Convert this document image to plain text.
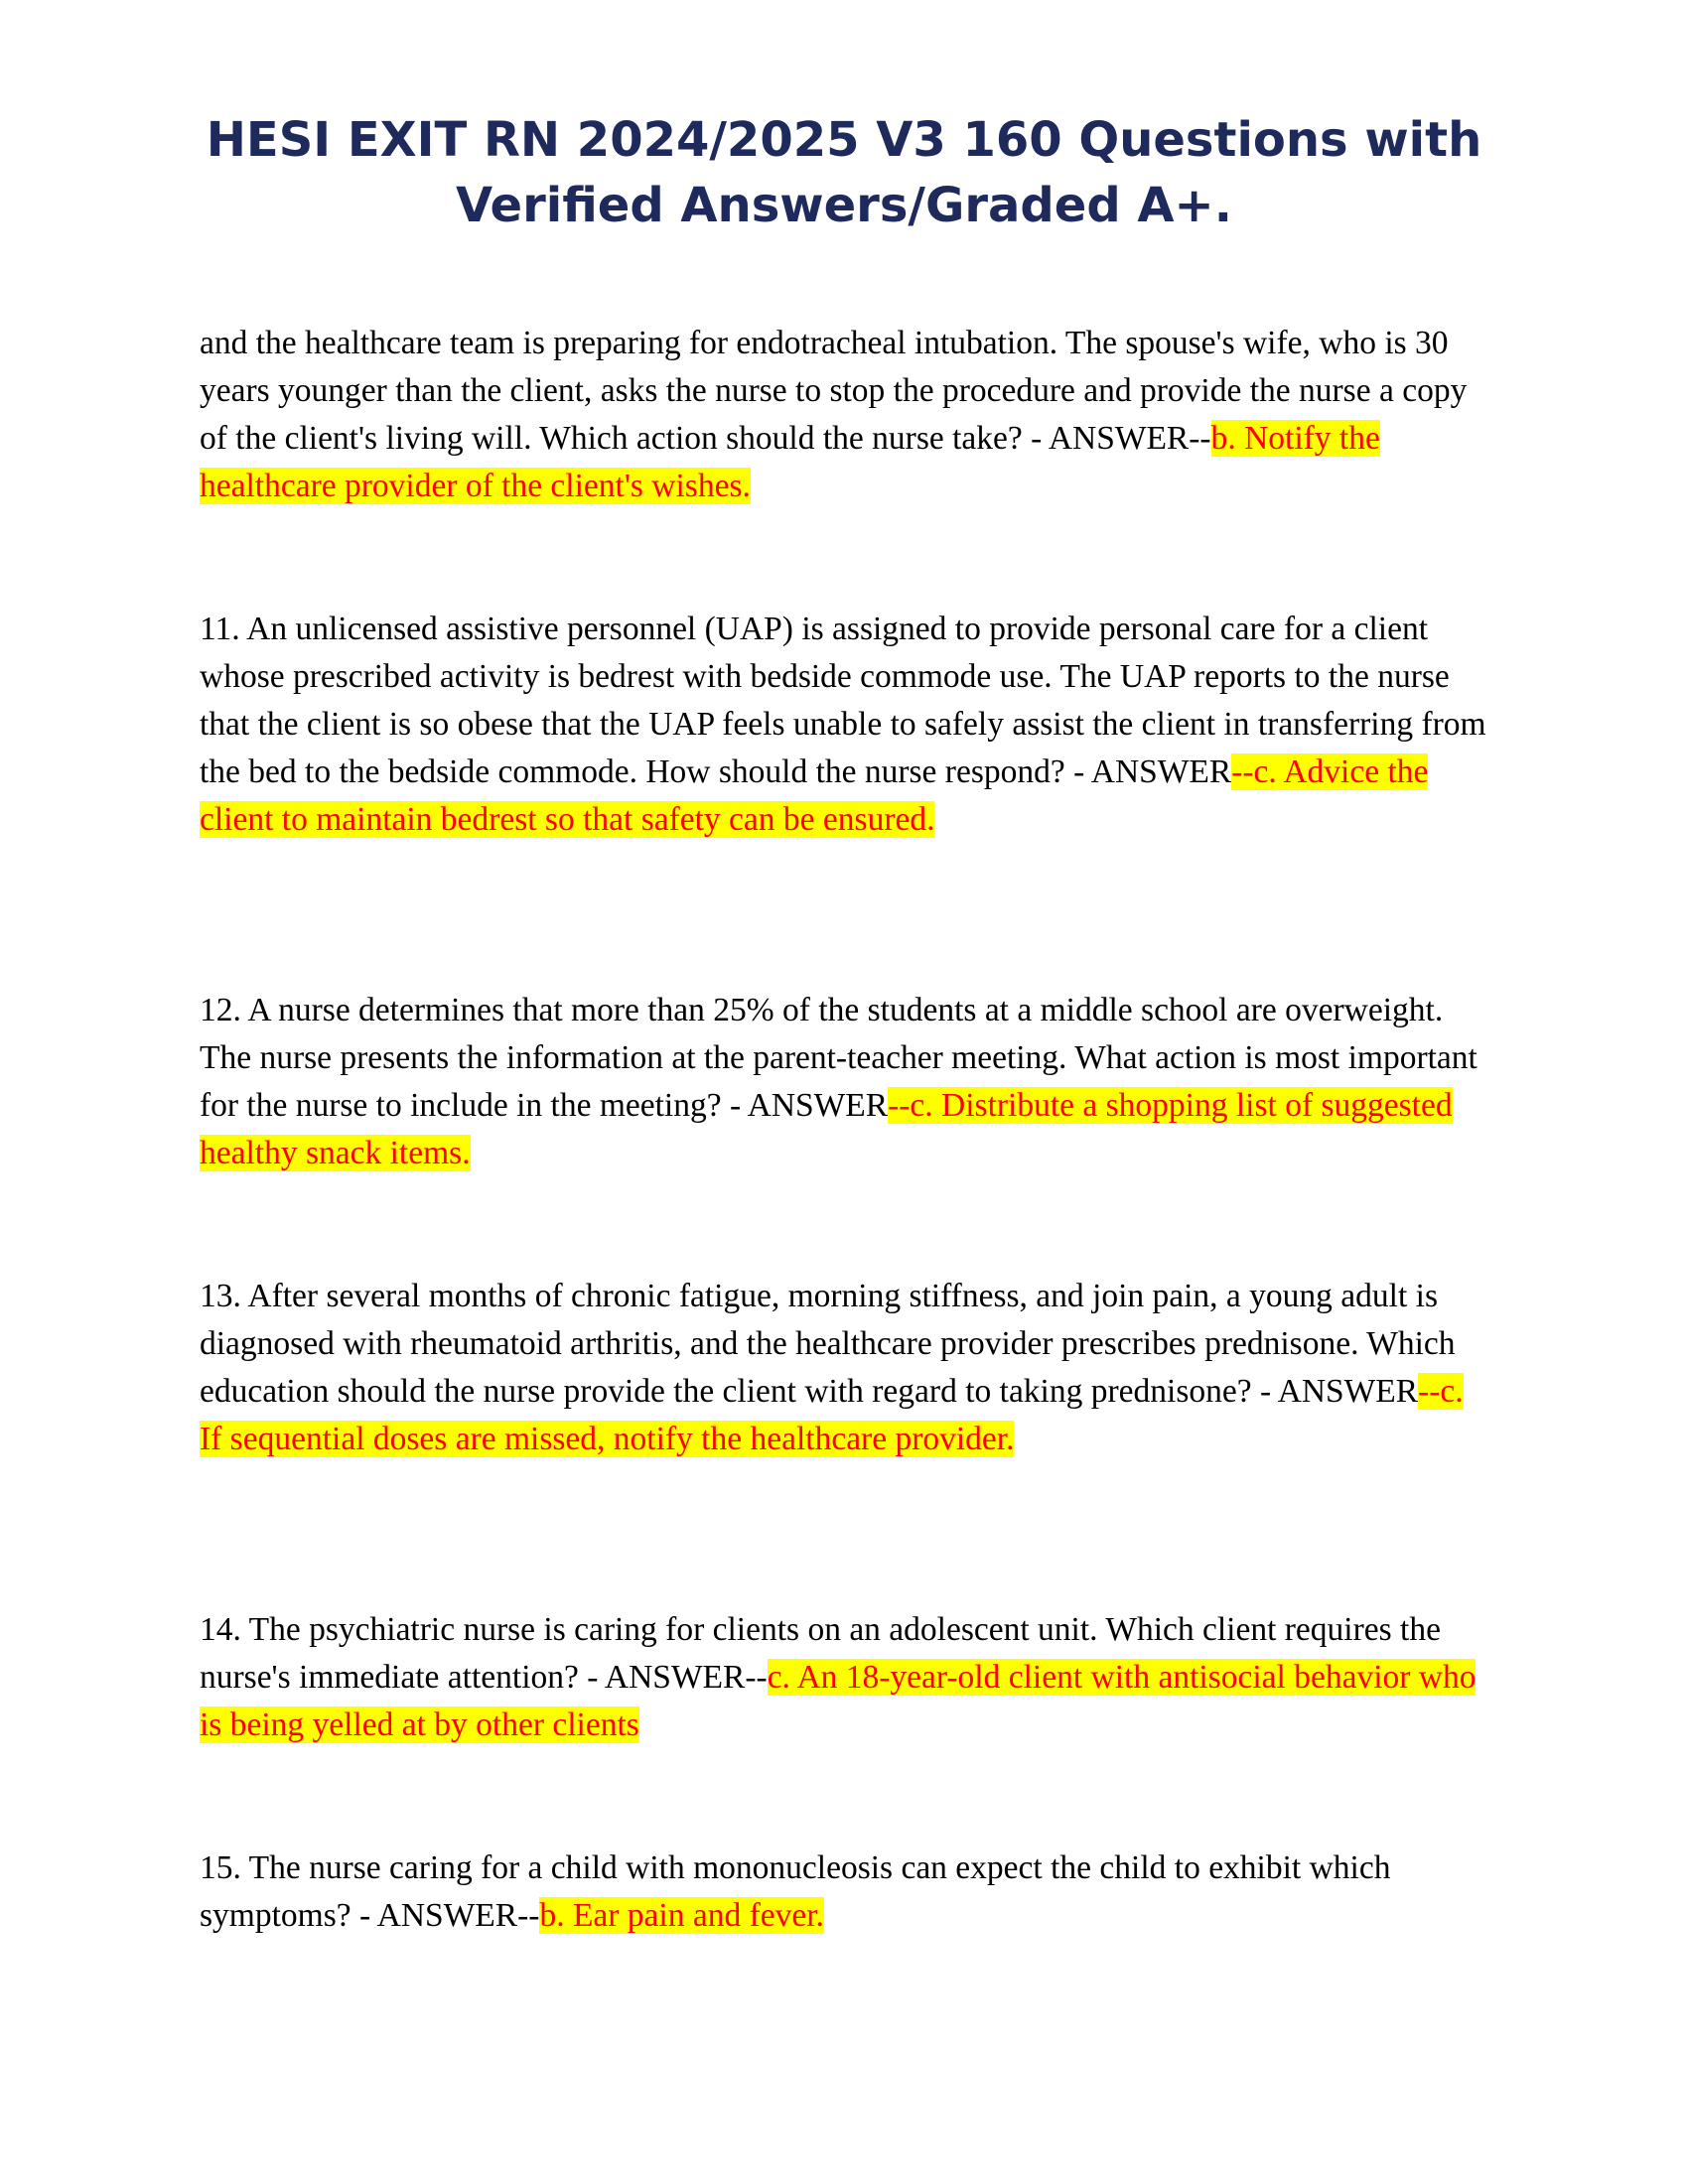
HESI EXIT RN 2024/2025 V3 160 Questions with Verified Answers/Graded A+.

and the healthcare team is preparing for endotracheal intubation. The spouse's wife, who is 30 years younger than the client, asks the nurse to stop the procedure and provide the nurse a copy of the client's living will. Which action should the nurse take? - ANSWER--b. Notify the healthcare provider of the client's wishes.

11. An unlicensed assistive personnel (UAP) is assigned to provide personal care for a client whose prescribed activity is bedrest with bedside commode use. The UAP reports to the nurse that the client is so obese that the UAP feels unable to safely assist the client in transferring from the bed to the bedside commode. How should the nurse respond? - ANSWER--c. Advice the client to maintain bedrest so that safety can be ensured.

12. A nurse determines that more than 25% of the students at a middle school are overweight. The nurse presents the information at the parent-teacher meeting. What action is most important for the nurse to include in the meeting? - ANSWER--c. Distribute a shopping list of suggested healthy snack items.

13. After several months of chronic fatigue, morning stiffness, and join pain, a young adult is diagnosed with rheumatoid arthritis, and the healthcare provider prescribes prednisone. Which education should the nurse provide the client with regard to taking prednisone? - ANSWER--c. If sequential doses are missed, notify the healthcare provider.

14. The psychiatric nurse is caring for clients on an adolescent unit. Which client requires the nurse's immediate attention? - ANSWER--c. An 18-year-old client with antisocial behavior who is being yelled at by other clients

15. The nurse caring for a child with mononucleosis can expect the child to exhibit which symptoms? - ANSWER--b. Ear pain and fever.
